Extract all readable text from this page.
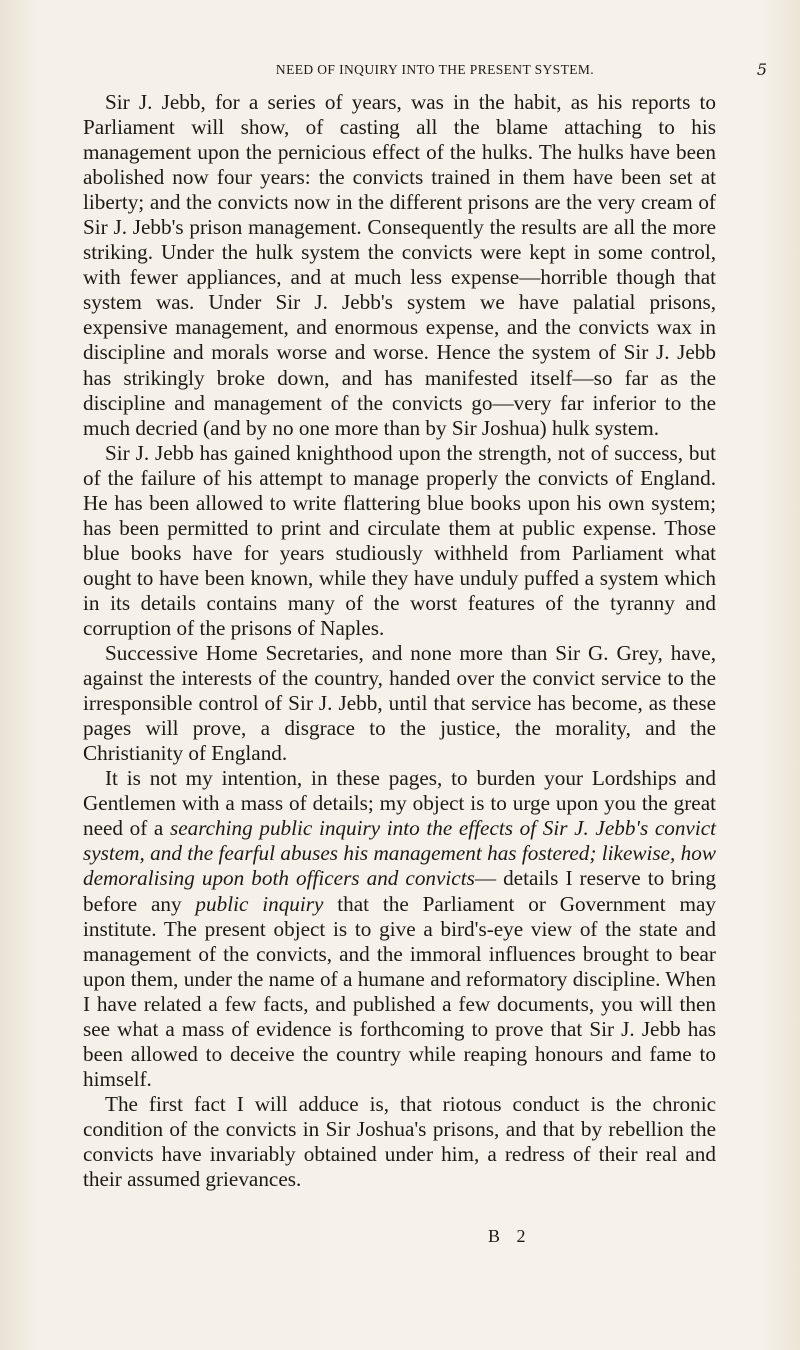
NEED OF INQUIRY INTO THE PRESENT SYSTEM.	5

Sir J. Jebb, for a series of years, was in the habit, as his reports to Parliament will show, of casting all the blame attaching to his management upon the pernicious effect of the hulks. The hulks have been abolished now four years: the convicts trained in them have been set at liberty; and the convicts now in the different prisons are the very cream of Sir J. Jebb's prison management. Consequently the results are all the more striking. Under the hulk system the convicts were kept in some control, with fewer appliances, and at much less expense—horrible though that system was. Under Sir J. Jebb's system we have palatial prisons, expensive management, and enormous expense, and the convicts wax in discipline and morals worse and worse. Hence the system of Sir J. Jebb has strikingly broke down, and has manifested itself—so far as the discipline and management of the convicts go—very far inferior to the much decried (and by no one more than by Sir Joshua) hulk system.

Sir J. Jebb has gained knighthood upon the strength, not of success, but of the failure of his attempt to manage properly the convicts of England. He has been allowed to write flattering blue books upon his own system; has been permitted to print and circulate them at public expense. Those blue books have for years studiously withheld from Parliament what ought to have been known, while they have unduly puffed a system which in its details contains many of the worst features of the tyranny and corruption of the prisons of Naples.

Successive Home Secretaries, and none more than Sir G. Grey, have, against the interests of the country, handed over the convict service to the irresponsible control of Sir J. Jebb, until that service has become, as these pages will prove, a disgrace to the justice, the morality, and the Christianity of England.

It is not my intention, in these pages, to burden your Lordships and Gentlemen with a mass of details; my object is to urge upon you the great need of a searching public inquiry into the effects of Sir J. Jebb's convict system, and the fearful abuses his management has fostered; likewise, how demoralising upon both officers and convicts— details I reserve to bring before any public inquiry that the Parliament or Government may institute. The present object is to give a bird's-eye view of the state and management of the convicts, and the immoral influences brought to bear upon them, under the name of a humane and reformatory discipline. When I have related a few facts, and published a few documents, you will then see what a mass of evidence is forthcoming to prove that Sir J. Jebb has been allowed to deceive the country while reaping honours and fame to himself.

The first fact I will adduce is, that riotous conduct is the chronic condition of the convicts in Sir Joshua's prisons, and that by rebellion the convicts have invariably obtained under him, a redress of their real and their assumed grievances.

B 2
